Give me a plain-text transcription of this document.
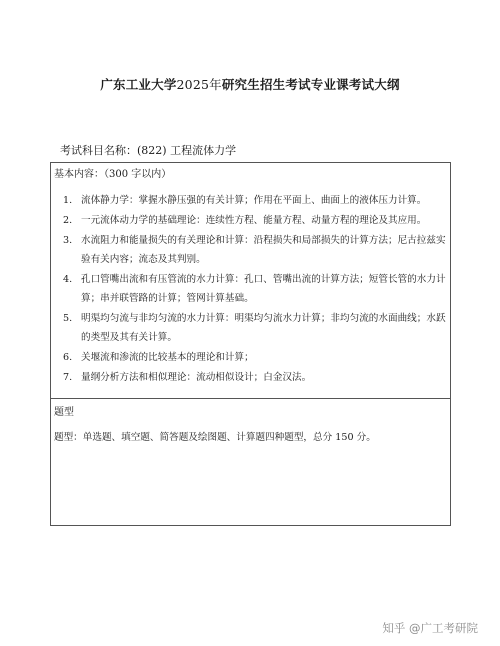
广东工业大学2025年研究生招生考试专业课考试大纲
考试科目名称：(822) 工程流体力学
基本内容：（300 字以内）
1. 流体静力学：掌握水静压强的有关计算；作用在平面上、曲面上的液体压力计算。
2. 一元流体动力学的基础理论：连续性方程、能量方程、动量方程的理论及其应用。
3. 水流阻力和能量损失的有关理论和计算：沿程损失和局部损失的计算方法；尼古拉兹实验有关内容；流态及其判别。
4. 孔口管嘴出流和有压管流的水力计算：孔口、管嘴出流的计算方法；短管长管的水力计算；串并联管路的计算；管网计算基础。
5. 明渠均匀流与非均匀流的水力计算：明渠均匀流水力计算；非均匀流的水面曲线；水跃的类型及其有关计算。
6. 关堰流和渗流的比较基本的理论和计算；
7. 量纲分析方法和相似理论：流动相似设计；白金汉法。
题型
题型：单选题、填空题、简答题及绘图题、计算题四种题型，总分 150 分。
知乎 @广工考研院
